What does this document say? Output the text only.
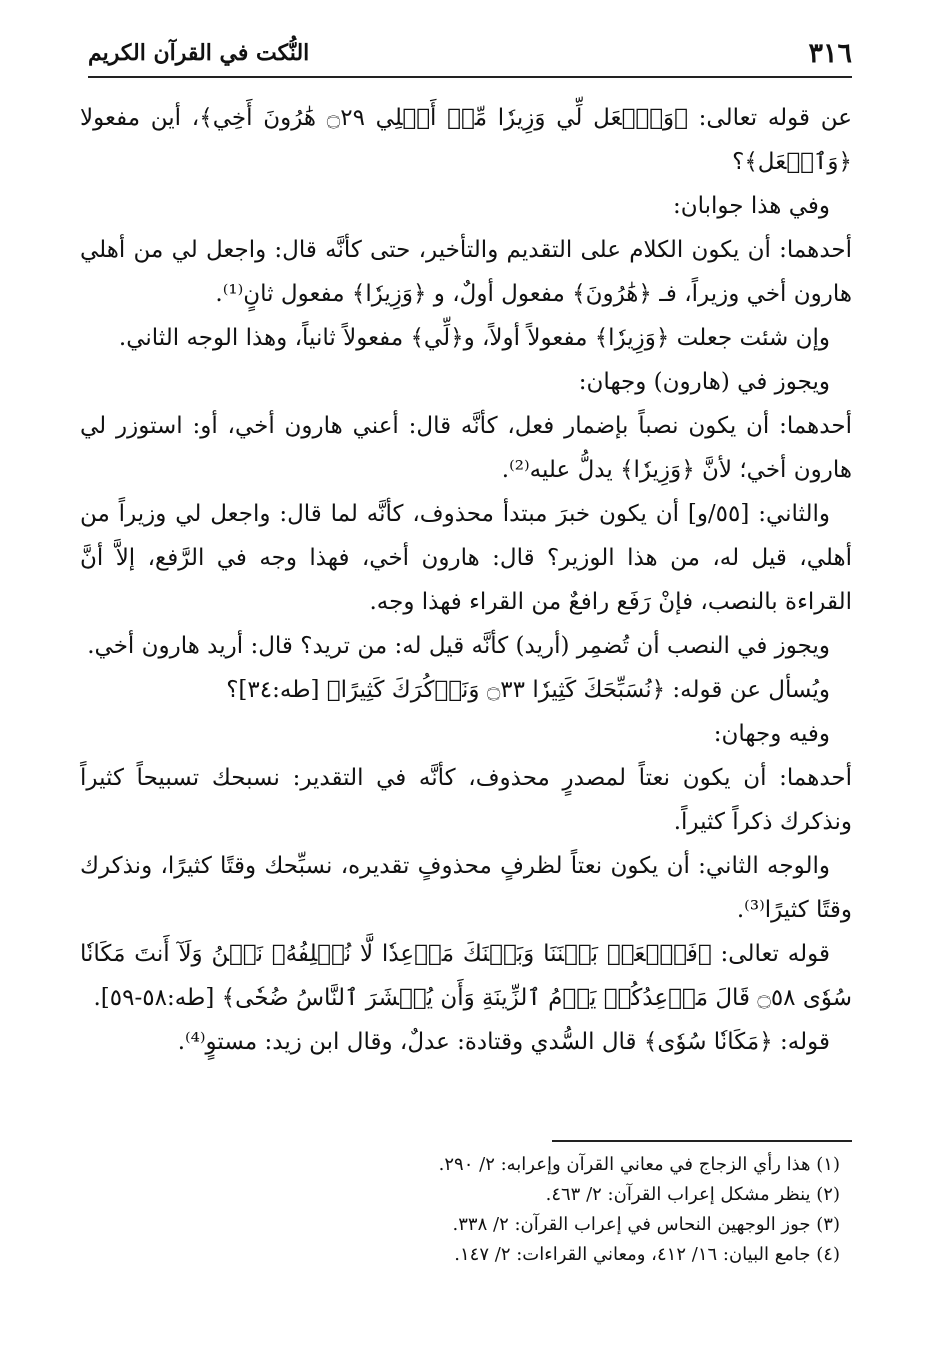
٣١٦
النُّكت في القرآن الكريم

عن قوله تعالى: ﴿وَٱجۡعَل لِّي وَزِيرٗا مِّنۡ أَهۡلِي ۝٢٩ هَٰرُونَ أَخِي﴾، أين مفعولا ﴿وَٱجۡعَل﴾؟

وفي هذا جوابان:

أحدهما: أن يكون الكلام على التقديم والتأخير، حتى كأنَّه قال: واجعل لي من أهلي هارون أخي وزيراً، فـ ﴿هَٰرُونَ﴾ مفعول أولٌ، و ﴿وَزِيرٗا﴾ مفعول ثانٍ⁽¹⁾.

وإن شئت جعلت ﴿وَزِيرٗا﴾ مفعولاً أولاً، و﴿لِّي﴾ مفعولاً ثانياً، وهذا الوجه الثاني.

ويجوز في (هارون) وجهان:

أحدهما: أن يكون نصباً بإضمار فعل، كأنَّه قال: أعني هارون أخي، أو: استوزر لي هارون أخي؛ لأنَّ ﴿وَزِيرٗا﴾ يدلُّ عليه⁽²⁾.

والثاني: [٥٥/و] أن يكون خبرَ مبتدأ محذوف، كأنَّه لما قال: واجعل لي وزيراً من أهلي، قيل له، من هذا الوزير؟ قال: هارون أخي، فهذا وجه في الرَّفع، إلاَّ أنَّ القراءة بالنصب، فإنْ رَفَع رافعٌ من القراء فهذا وجه.

ويجوز في النصب أن تُضمِر (أريد) كأنَّه قيل له: من تريد؟ قال: أريد هارون أخي.

ويُسأل عن قوله: ﴿نُسَبِّحَكَ كَثِيرٗا ۝٣٣ وَنَذۡكُرَكَ كَثِيرًا﴾ [طه:٣٤]؟

وفيه وجهان:

أحدهما: أن يكون نعتاً لمصدرٍ محذوف، كأنَّه في التقدير: نسبحك تسبيحاً كثيراً ونذكرك ذكراً كثيراً.

والوجه الثاني: أن يكون نعتاً لظرفٍ محذوفٍ تقديره، نسبِّحك وقتًا كثيرًا، ونذكرك وقتًا كثيرًا⁽³⁾.

قوله تعالى: ﴿فَٱجۡعَلۡ بَيۡنَنَا وَبَيۡنَكَ مَوۡعِدٗا لَّا نُخۡلِفُهُۥ نَحۡنُ وَلَآ أَنتَ مَكَانٗا سُوٗى ۝٥٨ قَالَ مَوۡعِدُكُمۡ يَوۡمُ ٱلزِّينَةِ وَأَن يُحۡشَرَ ٱلنَّاسُ ضُحٗى﴾ [طه:٥٨-٥٩].

قوله: ﴿مَكَانٗا سُوٗى﴾ قال السُّدي وقتادة: عدلٌ، وقال ابن زيد: مستوٍ⁽⁴⁾.

(١) هذا رأي الزجاج في معاني القرآن وإعرابه: ٢/ ٢٩٠.

(٢) ينظر مشكل إعراب القرآن: ٢/ ٤٦٣.

(٣) جوز الوجهين النحاس في إعراب القرآن: ٢/ ٣٣٨.

(٤) جامع البيان: ١٦/ ٤١٢، ومعاني القراءات: ٢/ ١٤٧.
